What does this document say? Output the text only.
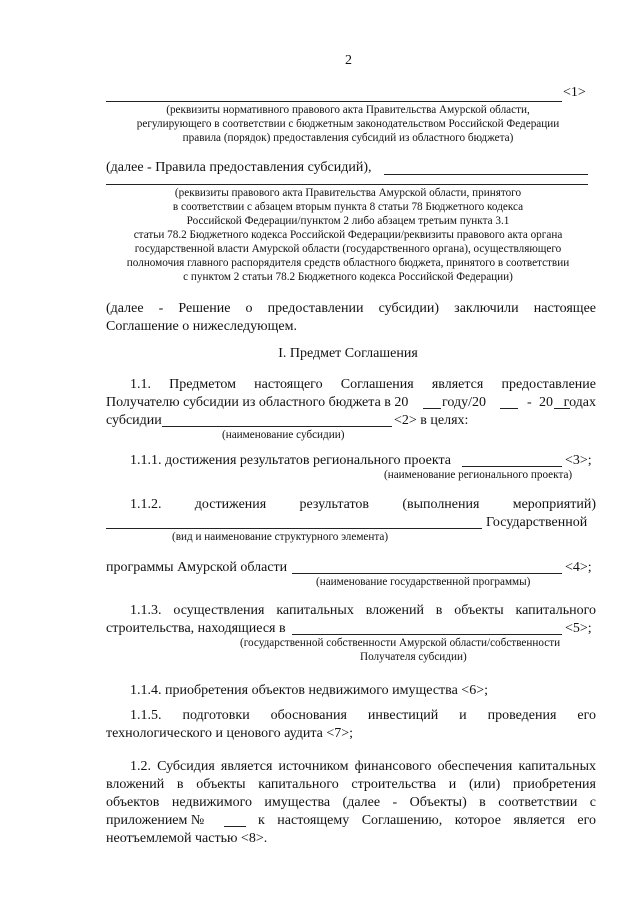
2
<1>
(реквизиты нормативного правового акта Правительства Амурской области,
регулирующего в соответствии с бюджетным законодательством Российской Федерации
правила (порядок) предоставления субсидий из областного бюджета)
(далее - Правила предоставления субсидий),
(реквизиты правового акта Правительства Амурской области, принятого
в соответствии с абзацем вторым пункта 8 статьи 78 Бюджетного кодекса
Российской Федерации/пунктом 2 либо абзацем третьим пункта 3.1
статьи 78.2 Бюджетного кодекса Российской Федерации/реквизиты правового акта органа
государственной власти Амурской области (государственного органа), осуществляющего
полномочия главного распорядителя средств областного бюджета, принятого в соответствии
с пунктом 2 статьи 78.2 Бюджетного кодекса Российской Федерации)
(далее - Решение о предоставлении субсидии) заключили настоящее
Соглашение о нижеследующем.
I. Предмет Соглашения
1.1. Предметом настоящего Соглашения является предоставление
Получателю субсидии из областного бюджета в 20 году/20	- 20 годах
субсидии	<2> в целях:
(наименование субсидии)
1.1.1. достижения результатов регионального проекта	<3>;
(наименование регионального проекта)
1.1.2. достижения результатов (выполнения мероприятий)
Государственной
(вид и наименование структурного элемента)
программы Амурской области	<4>;
(наименование государственной программы)
1.1.3. осуществления капитальных вложений в объекты капитального
строительства, находящиеся в	<5>;
(государственной собственности Амурской области/собственности
Получателя субсидии)
1.1.4. приобретения объектов недвижимого имущества <6>;
1.1.5. подготовки обоснования инвестиций и проведения его
технологического и ценового аудита <7>;
1.2. Субсидия является источником финансового обеспечения капитальных
вложений в объекты капитального строительства и (или) приобретения
объектов недвижимого имущества (далее - Объекты) в соответствии с
приложением №	к настоящему Соглашению, которое является его
неотъемлемой частью <8>.
